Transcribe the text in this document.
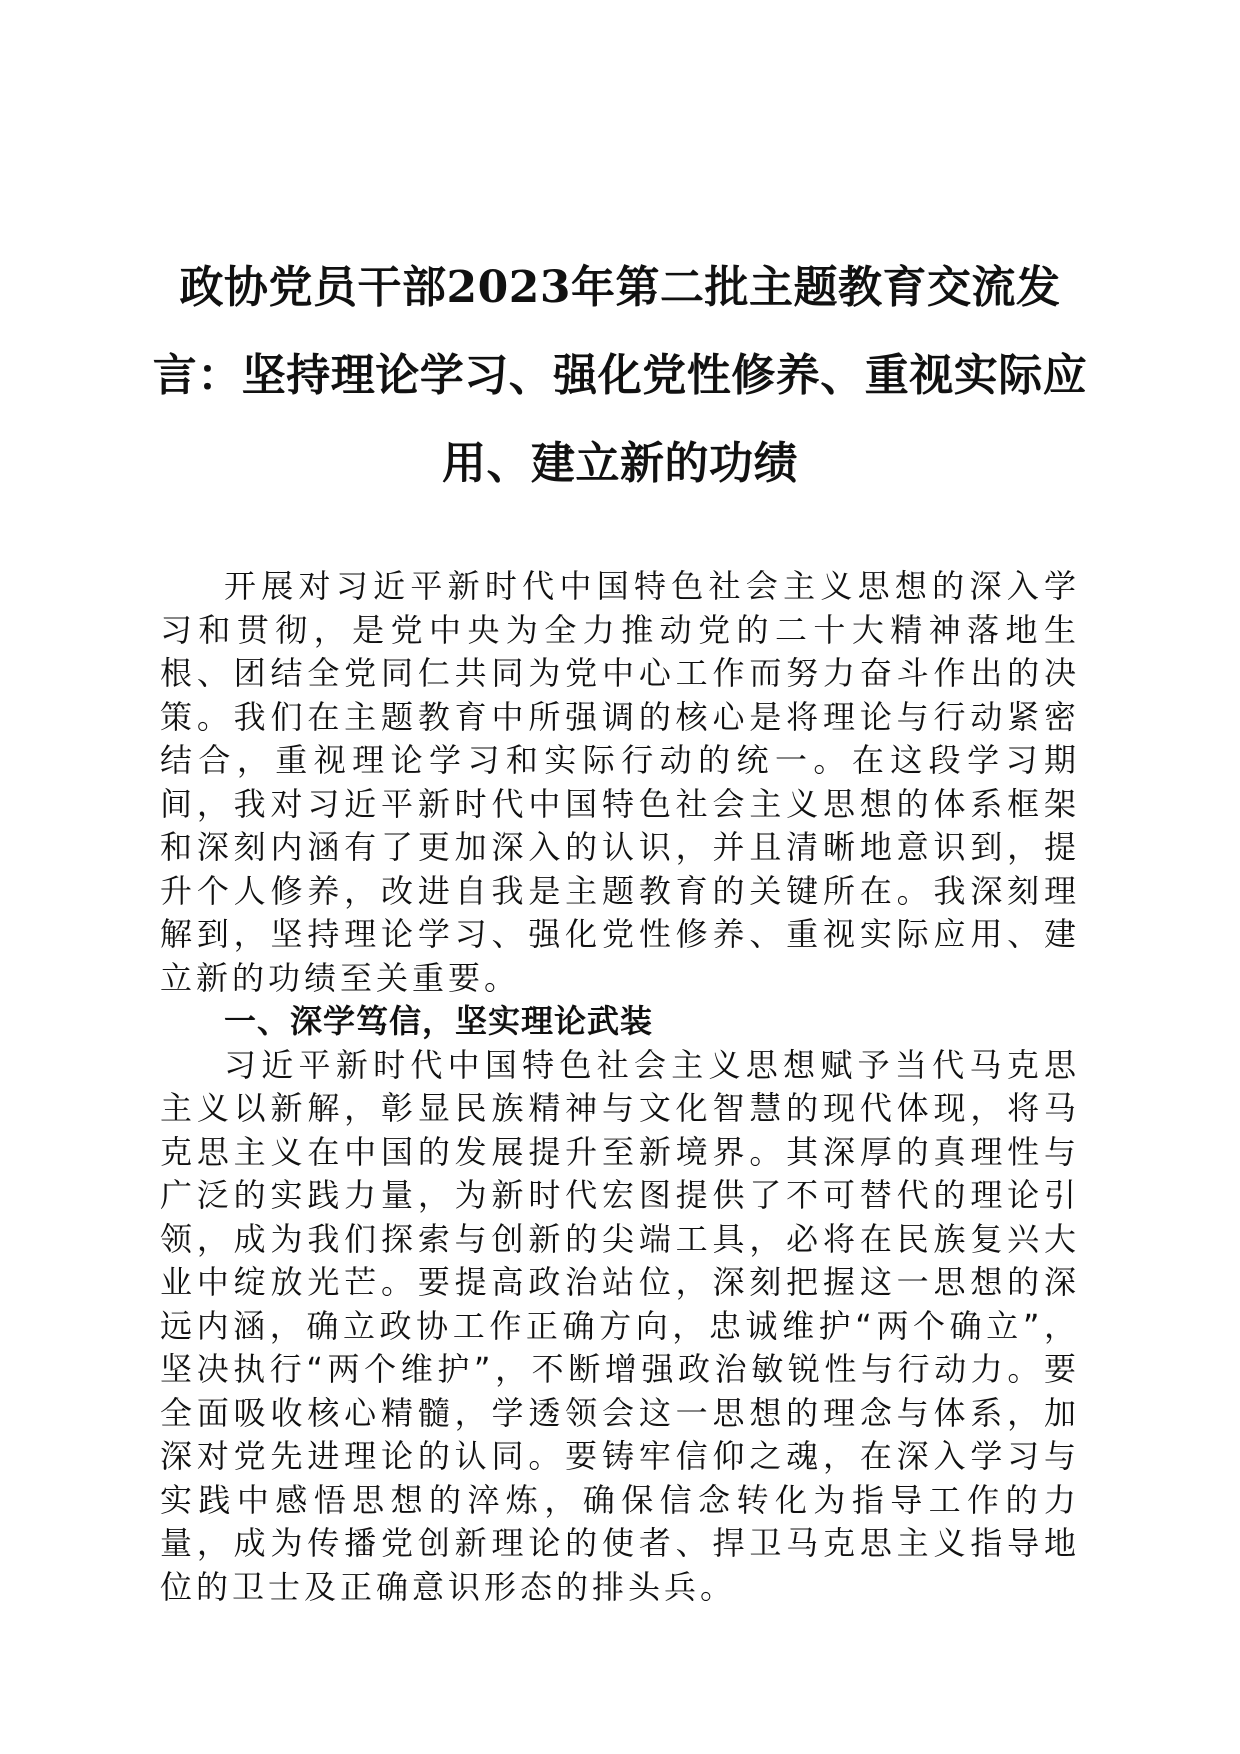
政协党员干部2023年第二批主题教育交流发言：坚持理论学习、强化党性修养、重视实际应用、建立新的功绩

开展对习近平新时代中国特色社会主义思想的深入学习和贯彻，是党中央为全力推动党的二十大精神落地生根、团结全党同仁共同为党中心工作而努力奋斗作出的决策。我们在主题教育中所强调的核心是将理论与行动紧密结合，重视理论学习和实际行动的统一。在这段学习期间，我对习近平新时代中国特色社会主义思想的体系框架和深刻内涵有了更加深入的认识，并且清晰地意识到，提升个人修养，改进自我是主题教育的关键所在。我深刻理解到，坚持理论学习、强化党性修养、重视实际应用、建立新的功绩至关重要。

一、深学笃信，坚实理论武装

习近平新时代中国特色社会主义思想赋予当代马克思主义以新解，彰显民族精神与文化智慧的现代体现，将马克思主义在中国的发展提升至新境界。其深厚的真理性与广泛的实践力量，为新时代宏图提供了不可替代的理论引领，成为我们探索与创新的尖端工具，必将在民族复兴大业中绽放光芒。要提高政治站位，深刻把握这一思想的深远内涵，确立政协工作正确方向，忠诚维护“两个确立”，坚决执行“两个维护”，不断增强政治敏锐性与行动力。要全面吸收核心精髓，学透领会这一思想的理念与体系，加深对党先进理论的认同。要铸牢信仰之魂，在深入学习与实践中感悟思想的淬炼，确保信念转化为指导工作的力量，成为传播党创新理论的使者、捍卫马克思主义指导地位的卫士及正确意识形态的排头兵。
